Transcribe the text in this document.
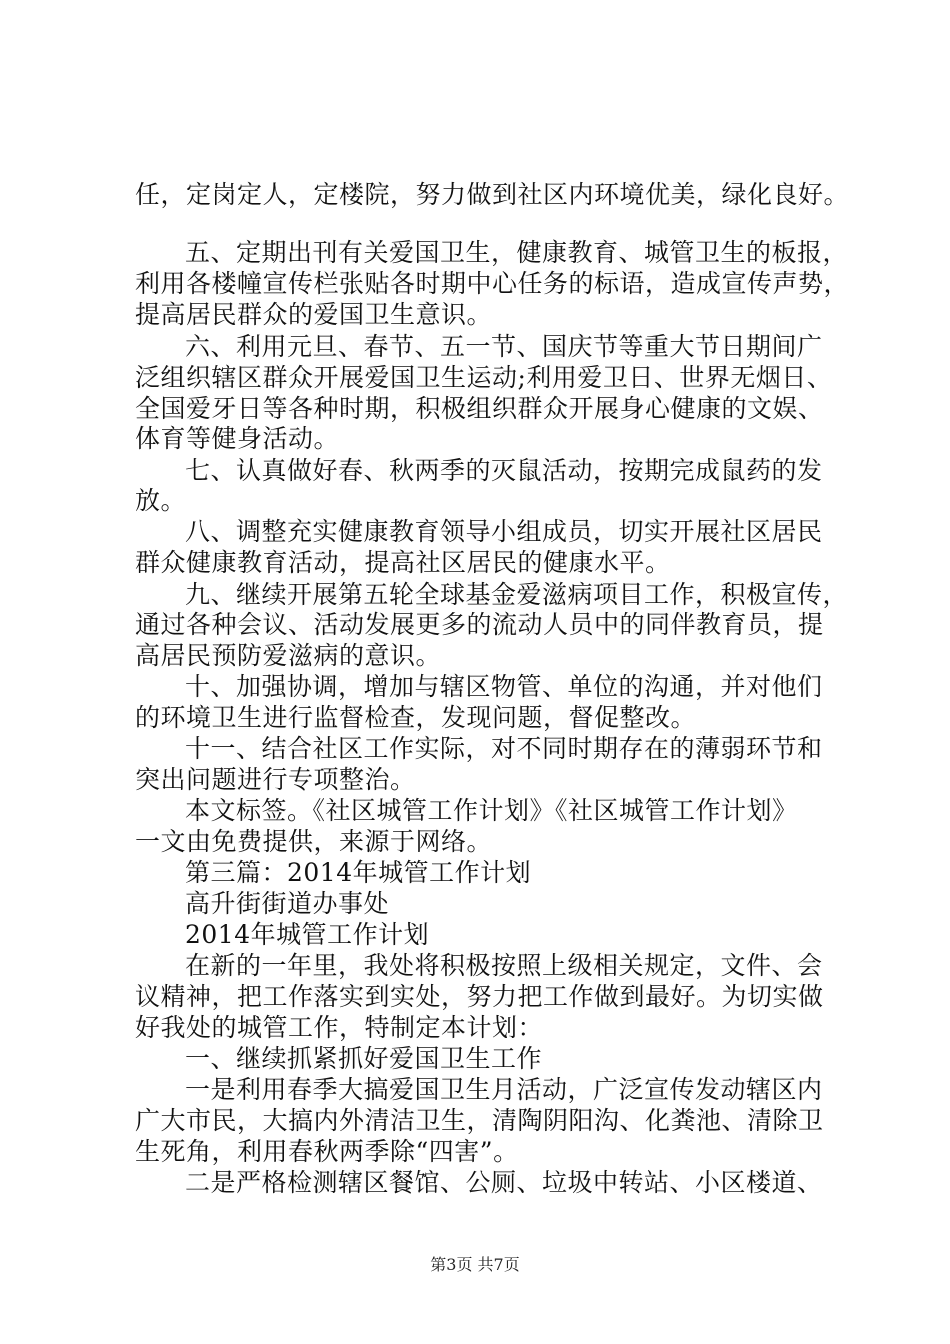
任，定岗定人，定楼院，努力做到社区内环境优美，绿化良好。
五、定期出刊有关爱国卫生，健康教育、城管卫生的板报，
利用各楼幢宣传栏张贴各时期中心任务的标语，造成宣传声势，
提高居民群众的爱国卫生意识。
六、利用元旦、春节、五一节、国庆节等重大节日期间广
泛组织辖区群众开展爱国卫生运动;利用爱卫日、世界无烟日、
全国爱牙日等各种时期，积极组织群众开展身心健康的文娱、
体育等健身活动。
七、认真做好春、秋两季的灭鼠活动，按期完成鼠药的发
放。
八、调整充实健康教育领导小组成员，切实开展社区居民
群众健康教育活动，提高社区居民的健康水平。
九、继续开展第五轮全球基金爱滋病项目工作，积极宣传，
通过各种会议、活动发展更多的流动人员中的同伴教育员，提
高居民预防爱滋病的意识。
十、加强协调，增加与辖区物管、单位的沟通，并对他们
的环境卫生进行监督检查，发现问题，督促整改。
十一、结合社区工作实际，对不同时期存在的薄弱环节和
突出问题进行专项整治。
本文标签。《社区城管工作计划》《社区城管工作计划》
一文由免费提供，来源于网络。
第三篇：2014年城管工作计划
高升街街道办事处
2014年城管工作计划
在新的一年里，我处将积极按照上级相关规定，文件、会
议精神，把工作落实到实处，努力把工作做到最好。为切实做
好我处的城管工作，特制定本计划：
一、继续抓紧抓好爱国卫生工作
一是利用春季大搞爱国卫生月活动，广泛宣传发动辖区内
广大市民，大搞内外清洁卫生，清陶阴阳沟、化粪池、清除卫
生死角，利用春秋两季除“四害”。
二是严格检测辖区餐馆、公厕、垃圾中转站、小区楼道、
第3页 共7页
